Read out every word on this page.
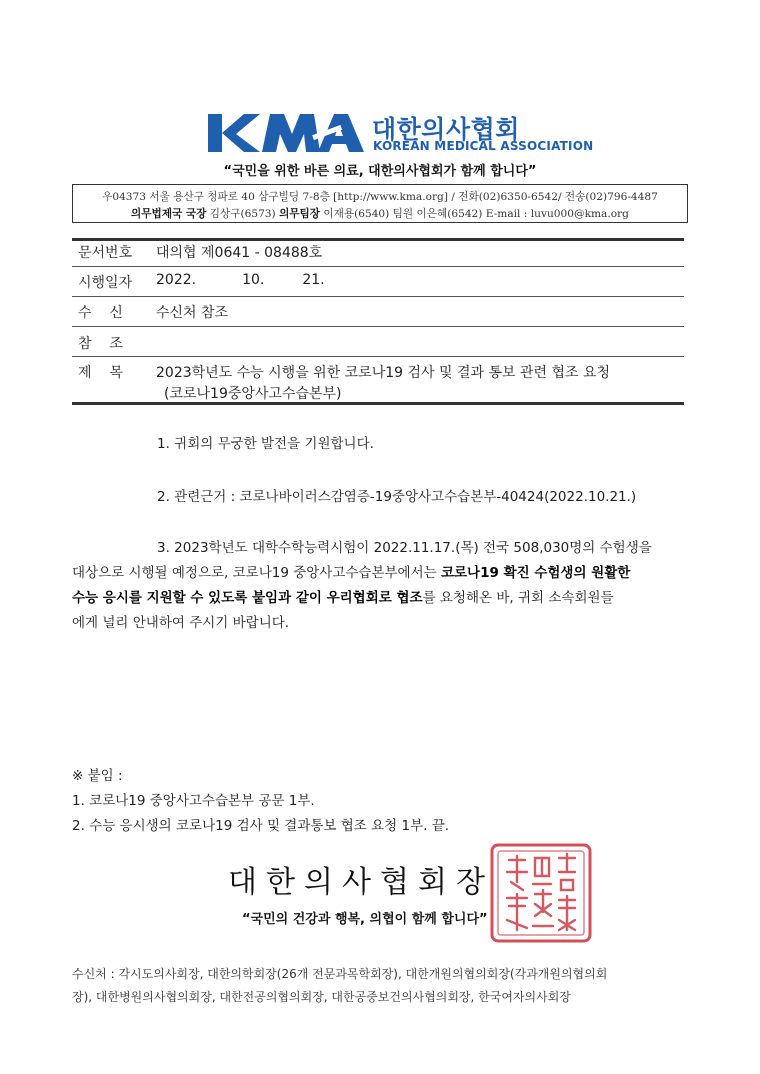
대한의사협회
KOREAN MEDICAL ASSOCIATION
“국민을 위한 바른 의료, 대한의사협회가 함께 합니다”
우04373 서울 용산구 청파로 40 삼구빌딩 7-8층 [http://www.kma.org] / 전화(02)6350-6542/ 전송(02)796-4487
의무법제국 국장 김상구(6573) 의무팀장 이재용(6540) 팀원 이은혜(6542) E-mail : luvu000@kma.org
문서번호 대의협 제0641 - 08488호
시행일자 2022.	10.	21.
수    신 수신처 참조
참    조
제    목 2023학년도 수능 시행을 위한 코로나19 검사 및 결과 통보 관련 협조 요청
(코로나19중앙사고수습본부)
1. 귀회의 무궁한 발전을 기원합니다.
2. 관련근거 : 코로나바이러스감염증-19중앙사고수습본부-40424(2022.10.21.)
3. 2023학년도 대학수학능력시험이 2022.11.17.(목) 전국 508,030명의 수험생을
대상으로 시행될 예정으로, 코로나19 중앙사고수습본부에서는 코로나19 확진 수험생의 원활한
수능 응시를 지원할 수 있도록 붙임과 같이 우리협회로 협조를 요청해온 바, 귀회 소속회원들
에게 널리 안내하여 주시기 바랍니다.
※ 붙임 :
1. 코로나19 중앙사고수습본부 공문 1부.
2. 수능 응시생의 코로나19 검사 및 결과통보 협조 요청 1부. 끝.
대 한 의 사 협 회 장
“국민의 건강과 행복, 의협이 함께 합니다”
수신처 : 각시도의사회장, 대한의학회장(26개 전문과목학회장), 대한개원의협의회장(각과개원의협의회
장), 대한병원의사협의회장, 대한전공의협의회장, 대한공중보건의사협의회장, 한국여자의사회장
